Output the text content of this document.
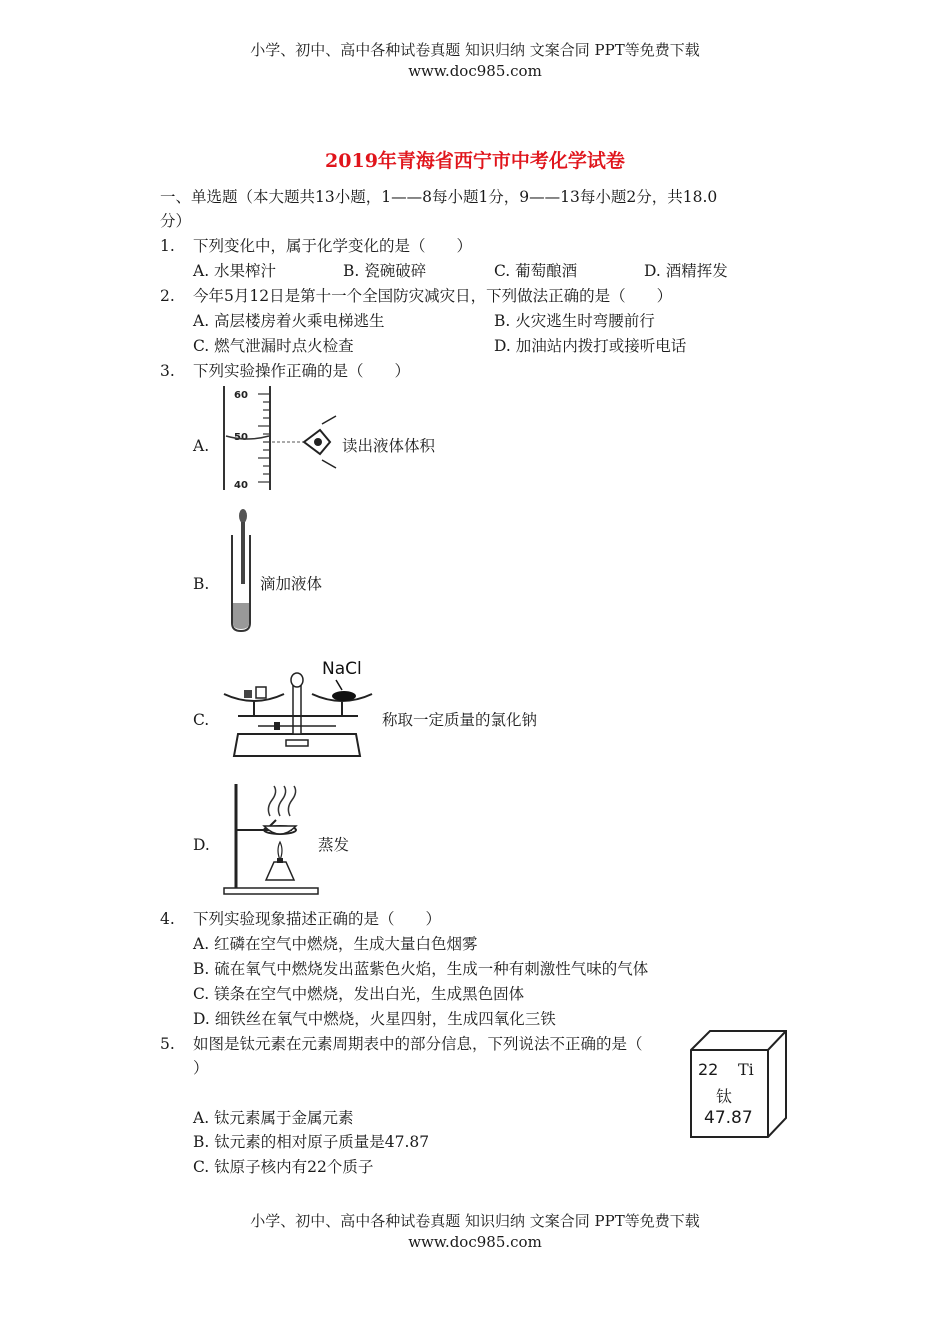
小学、初中、高中各种试卷真题 知识归纳 文案合同 PPT等免费下载
www.doc985.com
2019年青海省西宁市中考化学试卷
一、单选题（本大题共13小题，1——8每小题1分，9——13每小题2分，共18.0
分）
1. 下列变化中，属于化学变化的是（　　）
A. 水果榨汁	B. 瓷碗破碎	C. 葡萄酿酒	D. 酒精挥发
2. 今年5月12日是第十一个全国防灾减灾日，下列做法正确的是（　　）
A. 高层楼房着火乘电梯逃生	B. 火灾逃生时弯腰前行
C. 燃气泄漏时点火检查	D. 加油站内拨打或接听电话
3. 下列实验操作正确的是（　　）
A.
60
50
40
读出液体体积
B.	滴加液体
C.
NaCl
称取一定质量的氯化钠
D.	蒸发
4. 下列实验现象描述正确的是（　　）
A. 红磷在空气中燃烧，生成大量白色烟雾
B. 硫在氧气中燃烧发出蓝紫色火焰，生成一种有刺激性气味的气体
C. 镁条在空气中燃烧，发出白光，生成黑色固体
D. 细铁丝在氧气中燃烧，火星四射，生成四氧化三铁
5. 如图是钛元素在元素周期表中的部分信息，下列说法不正确的是（
）
A. 钛元素属于金属元素
B. 钛元素的相对原子质量是47.87
C. 钛原子核内有22个质子
22 Ti
钛
47.87
小学、初中、高中各种试卷真题 知识归纳 文案合同 PPT等免费下载
www.doc985.com
